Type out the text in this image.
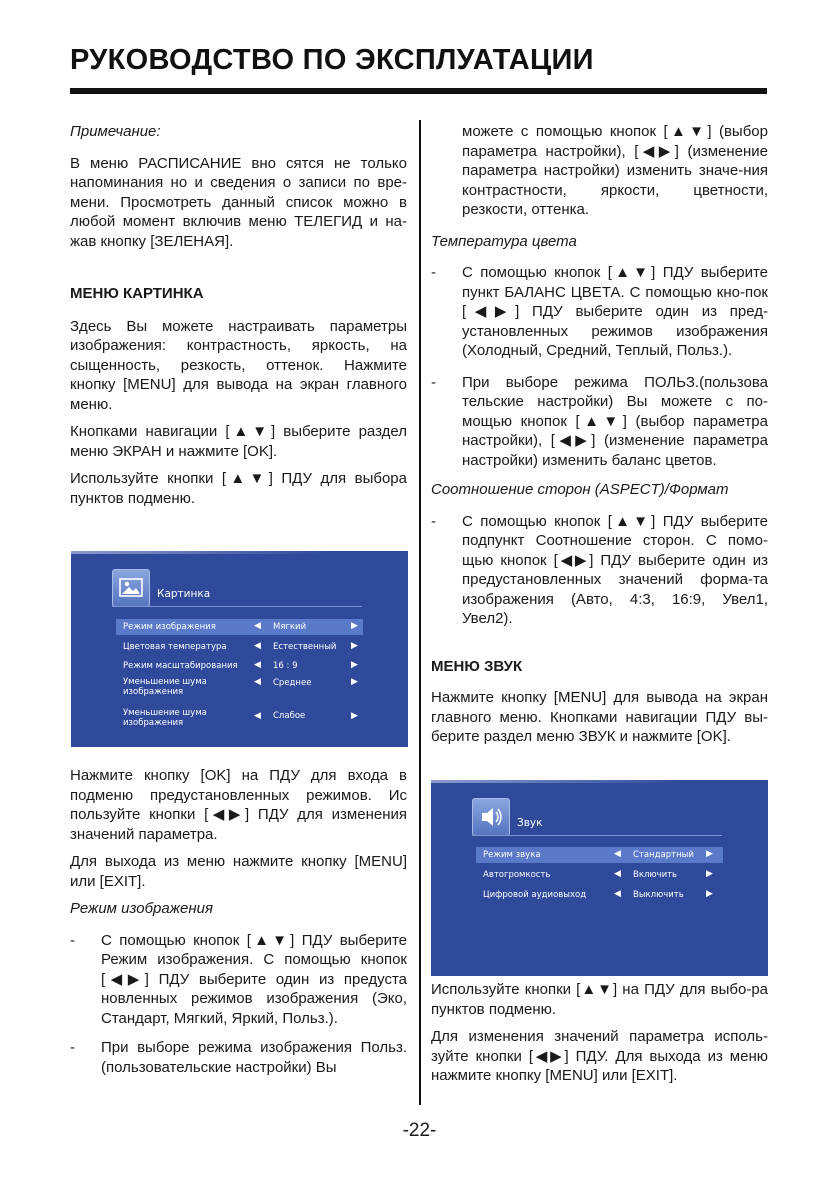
РУКОВОДСТВО ПО ЭКСПЛУАТАЦИИ

Примечание:

В меню РАСПИСАНИЕ вно сятся не только напоминания но и сведения о записи по вре-мени. Просмотреть данный список можно в любой момент включив меню ТЕЛЕГИД и на-жав кнопку [ЗЕЛЕНАЯ].

МЕНЮ КАРТИНКА

Здесь Вы можете настраивать параметры изображения: контрастность, яркость, на сыщенность, резкость, оттенок. Нажмите кнопку [MENU] для вывода на экран главного меню.

Кнопками навигации [▲▼] выберите раздел меню ЭКРАН и нажмите [OK].

Используйте кнопки [▲▼] ПДУ для выбора пунктов подменю.

Нажмите кнопку [OK] на ПДУ для входа в подменю предустановленных режимов. Ис пользуйте кнопки [◀▶] ПДУ для изменения значений параметра.

Для выхода из меню нажмите кнопку [MENU] или [EXIT].

Режим изображения

- С помощью кнопок [▲▼] ПДУ выберите Режим изображения. С помощью кнопок [◀▶] ПДУ выберите один из предуста новленных режимов изображения (Эко, Стандарт, Мягкий, Яркий, Польз.).
- При выборе режима изображения Польз. (пользовательские настройки) Вы
Картинка
Режим изображения	◀ Мягкий	▶
Цветовая температура	◀ Естественный ▶
Режим масштабирования ◀ 16 : 9	▶
Уменьшение шума изображения
◀ Среднее	▶
Уменьшение шума изображения
◀ Слабое	▶

можете с помощью кнопок [▲▼] (выбор параметра настройки), [◀▶] (изменение параметра настройки) изменить значе-ния контрастности, яркости, цветности, резкости, оттенка.

Температура цвета

- С помощью кнопок [▲▼] ПДУ выберите пункт БАЛАНС ЦВЕТА. С помощью кно-пок [◀▶] ПДУ выберите один из пред-установленных режимов изображения (Холодный, Средний, Теплый, Польз.).
- При выборе режима ПОЛЬЗ.(пользова тельские настройки) Вы можете с по-мощью кнопок [▲▼] (выбор параметра настройки), [◀▶] (изменение параметра настройки) изменить баланс цветов.

Соотношение сторон (ASPECT)/Формат

- С помощью кнопок [▲▼] ПДУ выберите подпункт Соотношение сторон. С помо-щью кнопок [◀▶] ПДУ выберите один из предустановленных значений форма-та изображения (Авто, 4:3, 16:9, Увел1, Увел2).

МЕНЮ ЗВУК

Нажмите кнопку [MENU] для вывода на экран главного меню. Кнопками навигации ПДУ вы-берите раздел меню ЗВУК и нажмите [OK].

Используйте кнопки [▲▼] на ПДУ для выбо-ра пунктов подменю.

Для изменения значений параметра исполь-зуйте кнопки [◀▶] ПДУ. Для выхода из меню нажмите кнопку [MENU] или [EXIT].

Звук
Режим звука	◀ Стандартный ▶
Автогромкость	◀ Включить	▶
Цифровой аудиовыход	◀ Выключить ▶
-22-
